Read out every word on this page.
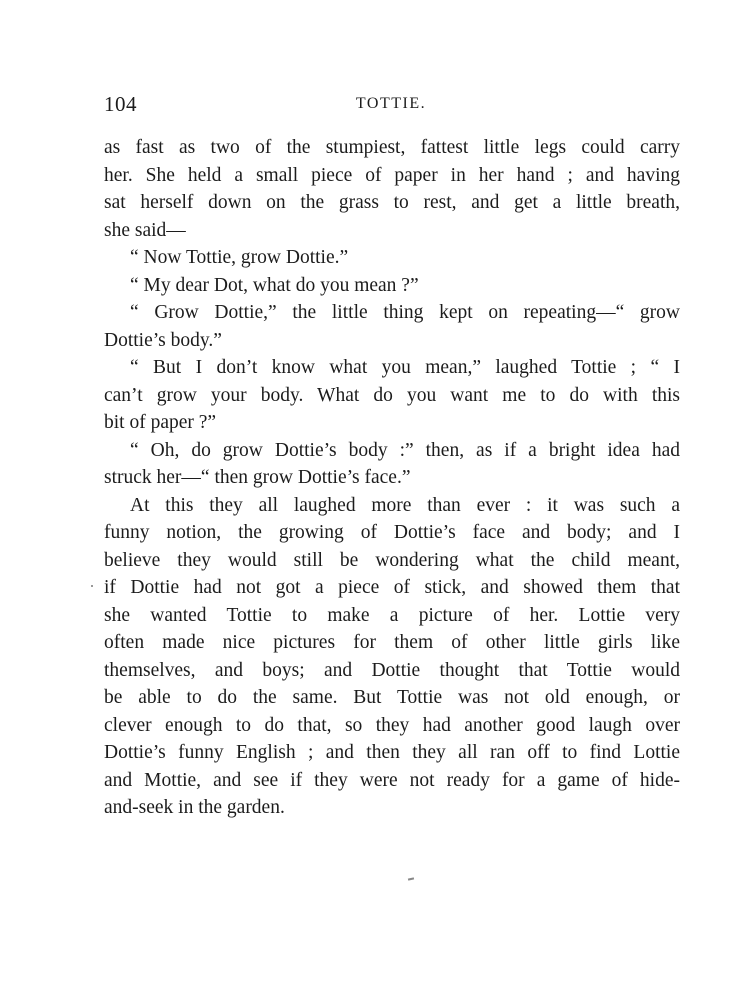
104	TOTTIE.
as fast as two of the stumpiest, fattest little legs could carry
her. She held a small piece of paper in her hand ; and having
sat herself down on the grass to rest, and get a little breath,
she said—
“ Now Tottie, grow Dottie.”
“ My dear Dot, what do you mean ?”
“ Grow Dottie,” the little thing kept on repeating—“ grow
Dottie’s body.”
“ But I don’t know what you mean,” laughed Tottie ; “ I
can’t grow your body. What do you want me to do with this
bit of paper ?”
“ Oh, do grow Dottie’s body :” then, as if a bright idea had
struck her—“ then grow Dottie’s face.”
At this they all laughed more than ever : it was such a
funny notion, the growing of Dottie’s face and body; and I
believe they would still be wondering what the child meant,
if Dottie had not got a piece of stick, and showed them that
she wanted Tottie to make a picture of her. Lottie very
often made nice pictures for them of other little girls like
themselves, and boys; and Dottie thought that Tottie would
be able to do the same. But Tottie was not old enough, or
clever enough to do that, so they had another good laugh over
Dottie’s funny English ; and then they all ran off to find Lottie
and Mottie, and see if they were not ready for a game of hide-
and-seek in the garden.
